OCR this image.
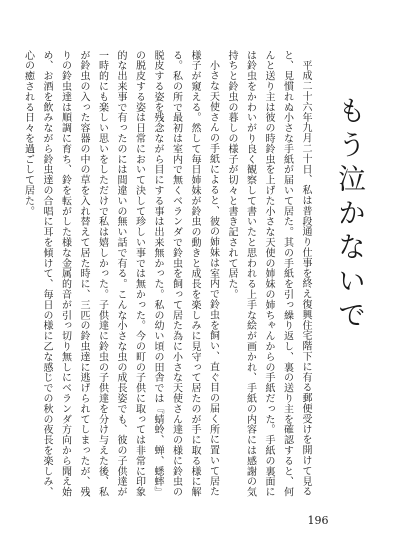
もう泣かないで

平成二十六年九月二十日、私は普段通り仕事を終え復興住宅階下に有る郵便受けを開けて見ると、見慣れぬ小さな手紙が届いて居た。其の手紙を引っ繰り返し、裏の送り主を確認すると、何んと送り主は彼の時鈴虫を上げた小さな天使の姉妹の姉ちゃんからの手紙だった。手紙の裏面には鈴虫をかわいがり良く観察して書いたと思われる上手な絵が画かれ、手紙の内容には感謝の気持ちと鈴虫の暮しの様子が切々と書き記されて居た。

小さな天使さんの手紙によると、彼の姉妹は室内で鈴虫を飼い、直ぐ目の届く所に置いて居た様子が窺える。然して毎日姉妹が鈴虫の動きと成長を楽しみに見守って居たのが手に取る様に解る。私の所で最初は室内で無くベランダで鈴虫を飼って居た為に小さな天使さん達の様に鈴虫の脱皮する姿を残念ながら目にする事は出来無かった。私の幼い頃の田舎では『蜻蛉、蝉、蟋蟀』の脱皮する姿は日常において決して珍しい事では無かった。今の町の子供に取っては非常に印象的な出来事で有ったのには間違いの無い話で有る。こんな小さな虫の成長姿でも、彼の子供達が一時的にも楽しい思いをしただけで私は嬉しかった。子供達に鈴虫の子供達を分け与えた後、私が鈴虫の入った容器の中の草を入れ替えて居た時に、三匹の鈴虫達に逃げられてしまったが、残りの鈴虫達は順調に育ち、鈴を転がした様な金属的音が引っ切り無しにベランダ方向から聞え始め、お酒を飲みながら鈴虫達の合唱に耳を傾けて、毎日の様に乙な感じでの秋の夜長を楽しみ、心の癒される日々を過ごして居た。

196
